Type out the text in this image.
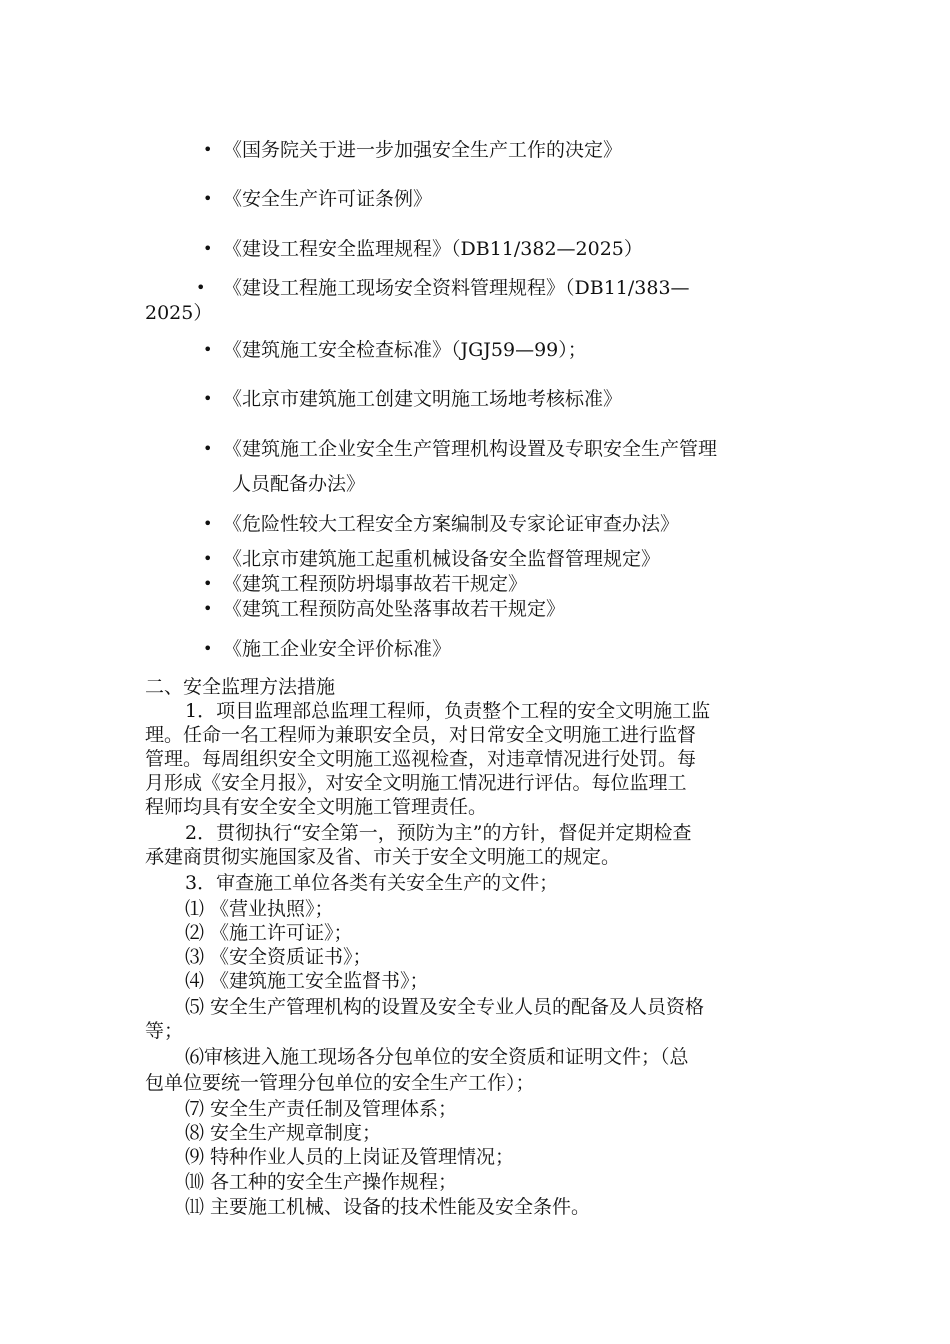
• 《国务院关于进一步加强安全生产工作的决定》
• 《安全生产许可证条例》
• 《建设工程安全监理规程》（DB11/382—2025）
• 《建设工程施工现场安全资料管理规程》（DB11/383—
2025）
• 《建筑施工安全检查标准》（JGJ59—99）；
• 《北京市建筑施工创建文明施工场地考核标准》
• 《建筑施工企业安全生产管理机构设置及专职安全生产管理
人员配备办法》
• 《危险性较大工程安全方案编制及专家论证审查办法》
• 《北京市建筑施工起重机械设备安全监督管理规定》
• 《建筑工程预防坍塌事故若干规定》
• 《建筑工程预防高处坠落事故若干规定》
• 《施工企业安全评价标准》
二、安全监理方法措施
1．项目监理部总监理工程师，负责整个工程的安全文明施工监
理。任命一名工程师为兼职安全员，对日常安全文明施工进行监督
管理。每周组织安全文明施工巡视检查，对违章情况进行处罚。每
月形成《安全月报》，对安全文明施工情况进行评估。每位监理工
程师均具有安全安全文明施工管理责任。
2．贯彻执行“安全第一，预防为主”的方针，督促并定期检查
承建商贯彻实施国家及省、市关于安全文明施工的规定。
3．审查施工单位各类有关安全生产的文件；
⑴ 《营业执照》；
⑵ 《施工许可证》；
⑶ 《安全资质证书》；
⑷ 《建筑施工安全监督书》；
⑸ 安全生产管理机构的设置及安全专业人员的配备及人员资格
等；
⑹审核进入施工现场各分包单位的安全资质和证明文件；（总
包单位要统一管理分包单位的安全生产工作）；
⑺ 安全生产责任制及管理体系；
⑻ 安全生产规章制度；
⑼ 特种作业人员的上岗证及管理情况；
⑽ 各工种的安全生产操作规程；
⑾ 主要施工机械、设备的技术性能及安全条件。
